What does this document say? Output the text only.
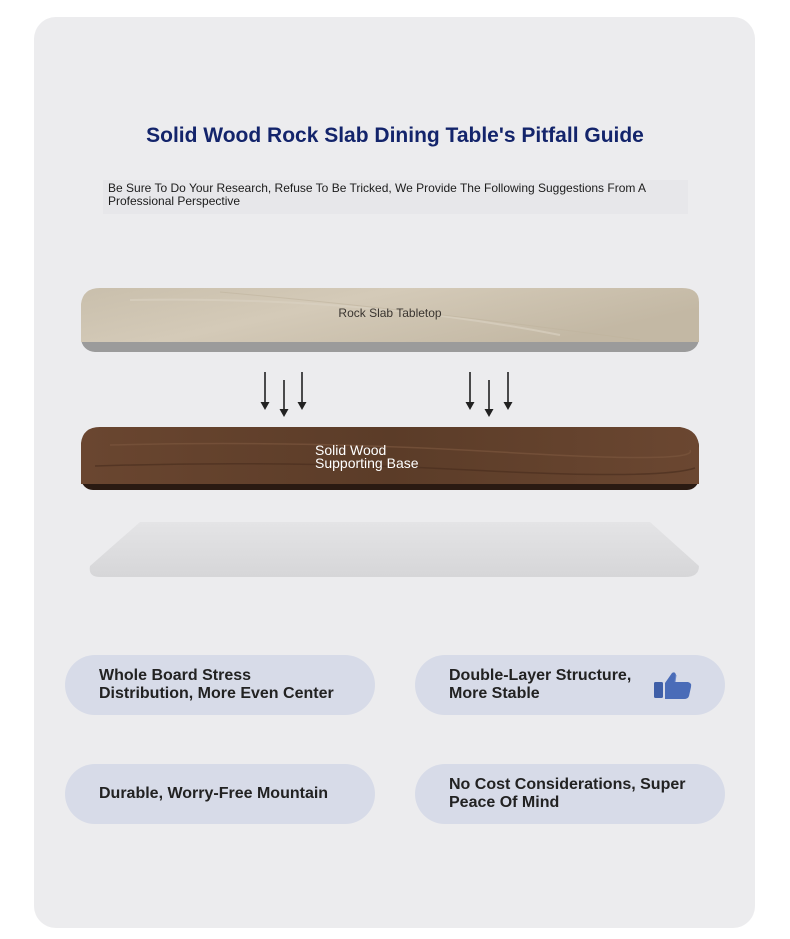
Solid Wood Rock Slab Dining Table's Pitfall Guide

Be Sure To Do Your Research, Refuse To Be Tricked, We Provide The Following Suggestions From A Professional Perspective

Rock Slab Tabletop
Solid Wood
Supporting Base
Whole Board Stress Distribution, More Even Center
Double-Layer Structure, More Stable
Durable, Worry-Free Mountain
No Cost Considerations, Super Peace Of Mind
